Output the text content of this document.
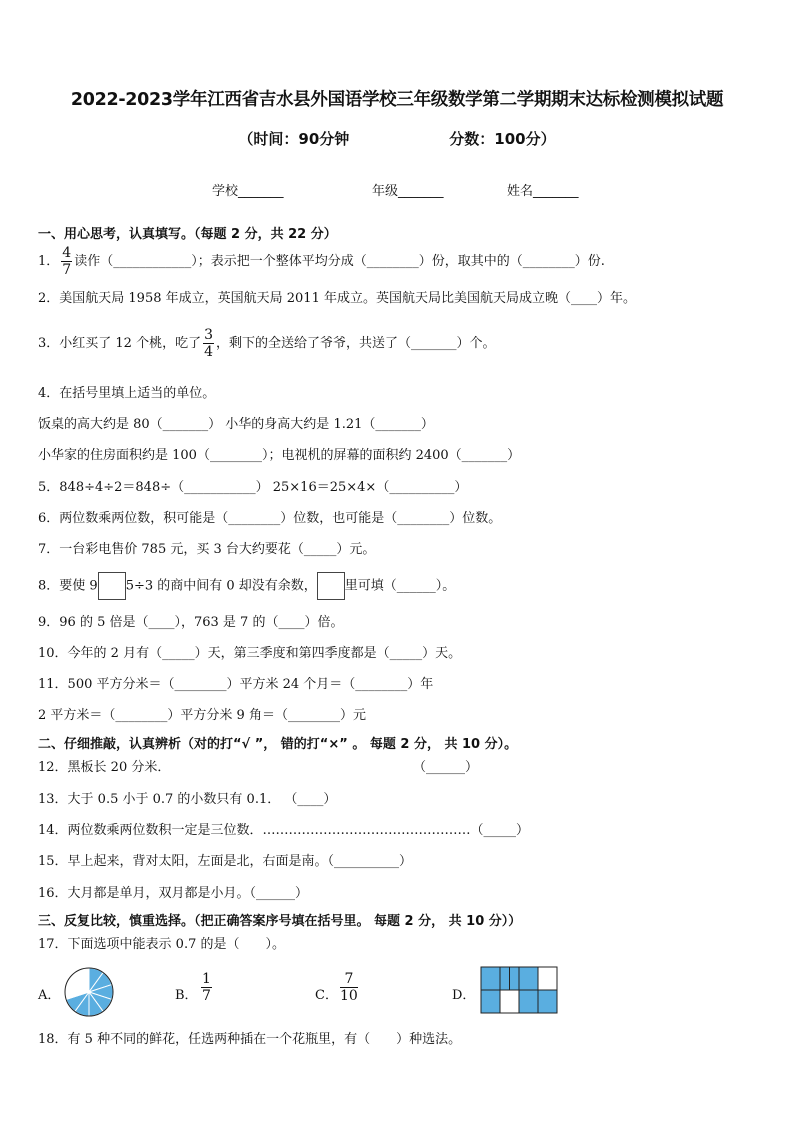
2022-2023学年江西省吉水县外国语学校三年级数学第二学期期末达标检测模拟试题
（时间：90分钟	分数：100分）
学校_______	年级_______	姓名_______
一、用心思考，认真填写。（每题 2 分，共 22 分）
1． $\frac{4}{7}$ 读作（____________）；表示把一个整体平均分成（________）份，取其中的（________）份.
2．美国航天局 1958 年成立，英国航天局 2011 年成立。英国航天局比美国航天局成立晚（____）年。
3．小红买了 12 个桃，吃了 $\frac{3}{4}$ ，剩下的全送给了爷爷，共送了（_______）个。
4．在括号里填上适当的单位。
饭桌的高大约是 80（_______） 小华的身高大约是 1.21（_______）
小华家的住房面积约是 100（________）；电视机的屏幕的面积约 2400（_______）
5．848÷4÷2＝848÷（___________） 25×16＝25×4×（__________）
6．两位数乘两位数，积可能是（________）位数，也可能是（________）位数。
7．一台彩电售价 785 元，买 3 台大约要花（_____）元。
8．要使 9 5÷3 的商中间有 0 却没有余数， 里可填（______）。
9．96 的 5 倍是（____），763 是 7 的（____）倍。
10．今年的 2 月有（_____）天，第三季度和第四季度都是（_____）天。
11．500 平方分米＝（________）平方米 24 个月＝（________）年
2 平方米＝（________）平方分米 9 角＝（________）元
二、仔细推敲，认真辨析（对的打“√ ”， 错的打“×” 。 每题 2 分， 共 10 分）。
12．黑板长 20 分米．	（______）
13．大于 0.5 小于 0.7 的小数只有 0.1． （____）
14．两位数乘两位数积一定是三位数．…………………………………………（_____）
15．早上起来，背对太阳，左面是北，右面是南。（__________）
16．大月都是单月，双月都是小月。（______）
三、反复比较，慎重选择。（把正确答案序号填在括号里。 每题 2 分， 共 10 分））
17．下面选项中能表示 0.7 的是（　　）。
A．	B． $\frac{1}{7}$	C． $\frac{7}{10}$	D．
18．有 5 种不同的鲜花，任选两种插在一个花瓶里，有（　　）种选法。
